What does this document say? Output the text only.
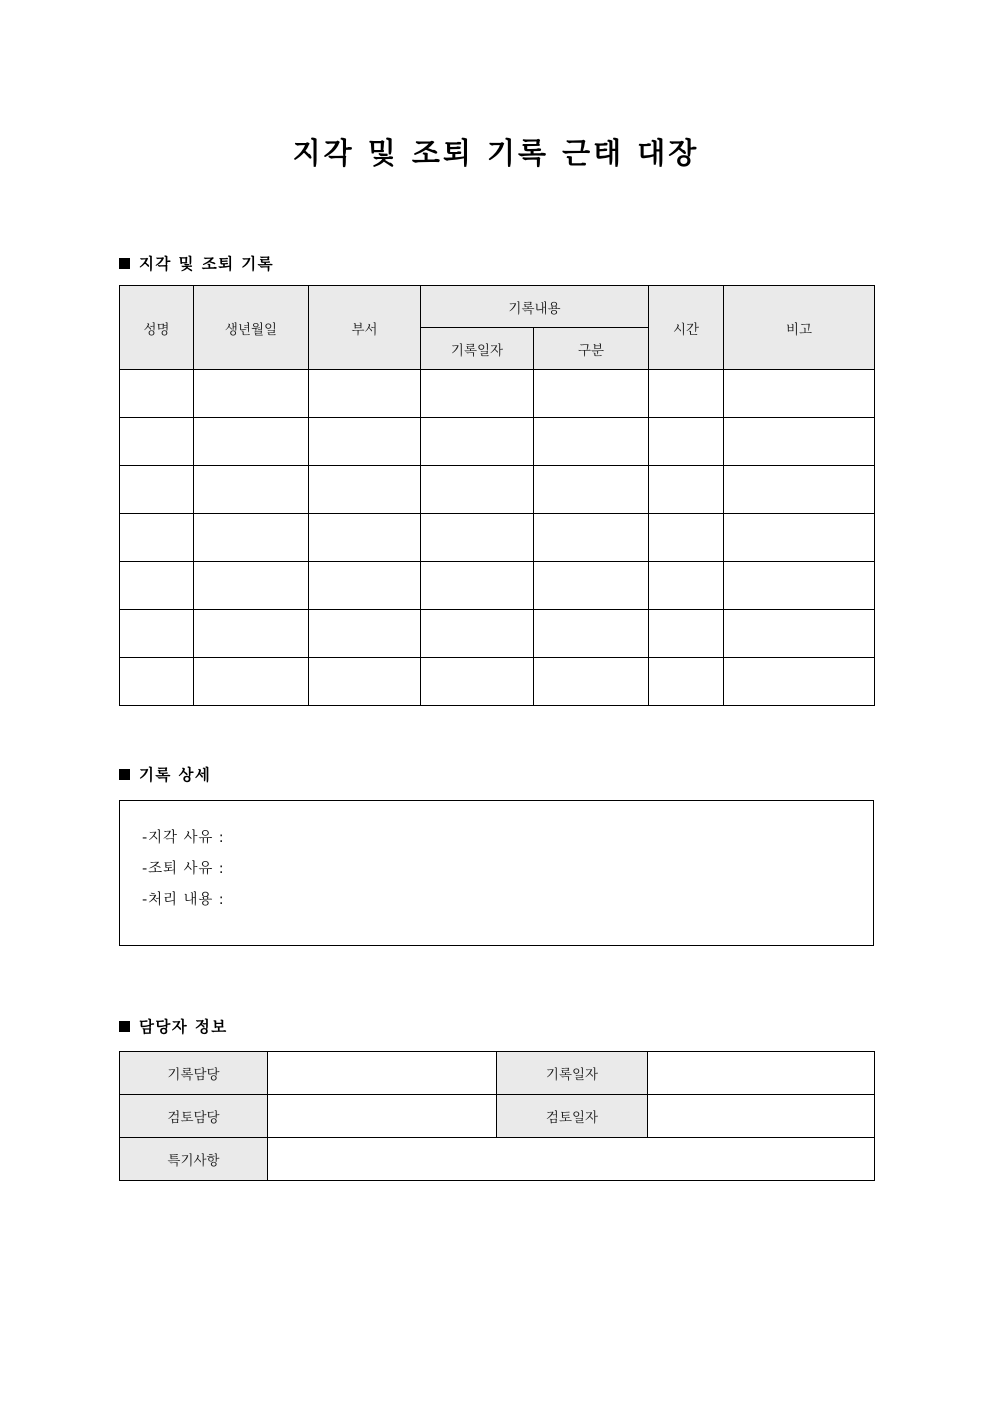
지각 및 조퇴 기록 근태 대장
지각 및 조퇴 기록
성명	생년월일	부서	기록내용		시간	비고
			기록일자	구분		

기록 상세
-지각 사유 :
-조퇴 사유 :
-처리 내용 :
담당자 정보
기록담당		기록일자	
검토담당		검토일자	
특기사항			
